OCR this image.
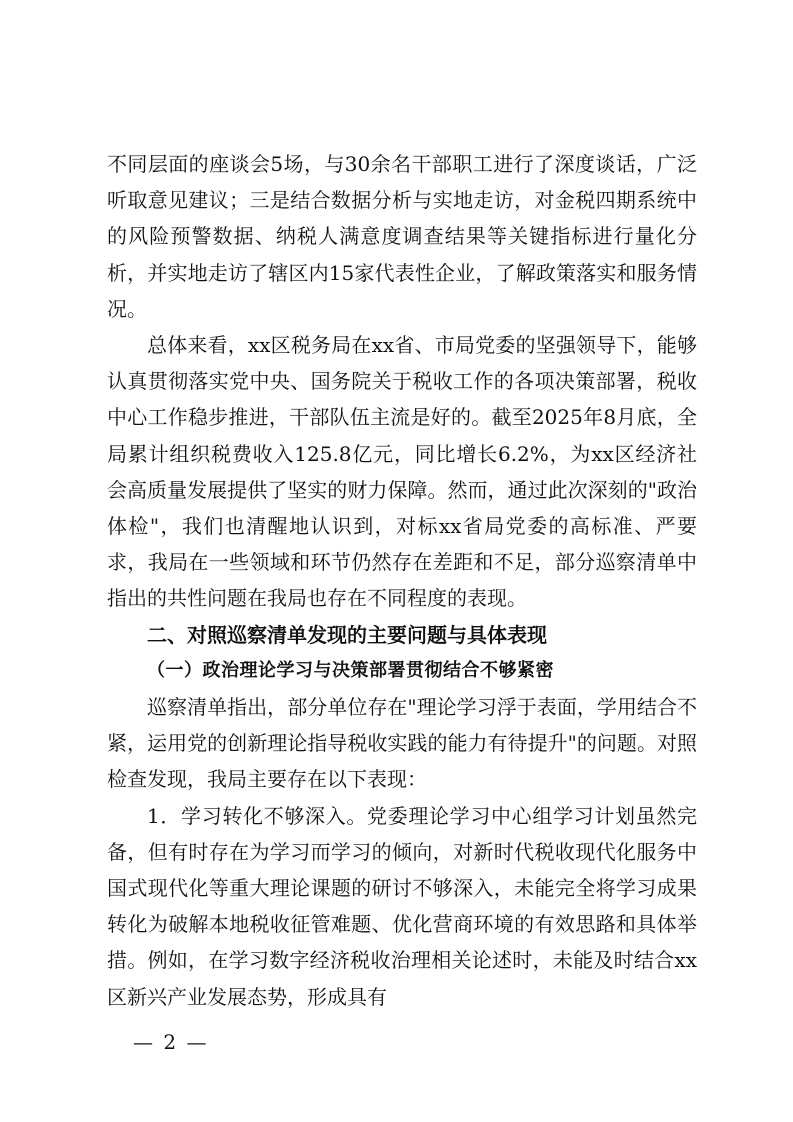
不同层面的座谈会5场，与30余名干部职工进行了深度谈话，广泛听取意见建议；三是结合数据分析与实地走访，对金税四期系统中的风险预警数据、纳税人满意度调查结果等关键指标进行量化分析，并实地走访了辖区内15家代表性企业，了解政策落实和服务情况。

总体来看，xx区税务局在xx省、市局党委的坚强领导下，能够认真贯彻落实党中央、国务院关于税收工作的各项决策部署，税收中心工作稳步推进，干部队伍主流是好的。截至2025年8月底，全局累计组织税费收入125.8亿元，同比增长6.2%，为xx区经济社会高质量发展提供了坚实的财力保障。然而，通过此次深刻的"政治体检"，我们也清醒地认识到，对标xx省局党委的高标准、严要求，我局在一些领域和环节仍然存在差距和不足，部分巡察清单中指出的共性问题在我局也存在不同程度的表现。

二、对照巡察清单发现的主要问题与具体表现

（一）政治理论学习与决策部署贯彻结合不够紧密

巡察清单指出，部分单位存在"理论学习浮于表面，学用结合不紧，运用党的创新理论指导税收实践的能力有待提升"的问题。对照检查发现，我局主要存在以下表现：

1．学习转化不够深入。党委理论学习中心组学习计划虽然完备，但有时存在为学习而学习的倾向，对新时代税收现代化服务中国式现代化等重大理论课题的研讨不够深入，未能完全将学习成果转化为破解本地税收征管难题、优化营商环境的有效思路和具体举措。例如，在学习数字经济税收治理相关论述时，未能及时结合xx区新兴产业发展态势，形成具有

— 2 —
